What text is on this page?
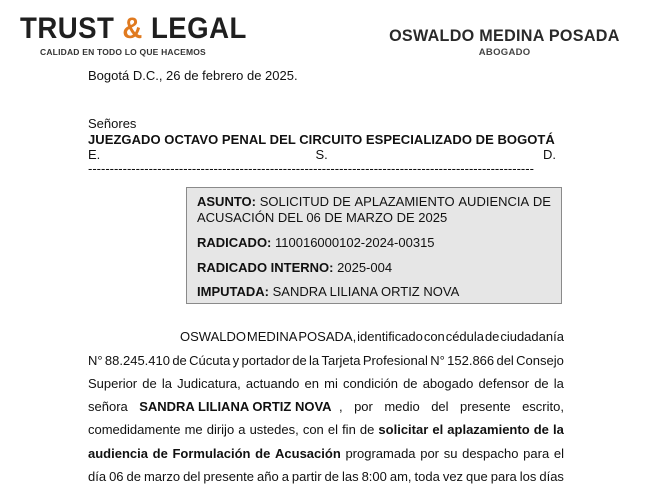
TRUST & LEGAL
CALIDAD EN TODO LO QUE HACEMOS
OSWALDO MEDINA POSADA
ABOGADO
Bogotá D.C., 26 de febrero de 2025.
Señores
JUEZGADO OCTAVO PENAL DEL CIRCUITO ESPECIALIZADO DE BOGOTÁ
E.	S.	D.
-------------------------------------------------------------------------------------------------------
ASUNTO: SOLICITUD DE APLAZAMIENTO AUDIENCIA DE
ACUSACIÓN DEL 06 DE MARZO DE 2025
RADICADO: 110016000102-2024-00315
RADICADO INTERNO: 2025-004
IMPUTADA: SANDRA LILIANA ORTIZ NOVA
OSWALDO MEDINA POSADA, identificado con cédula de ciudadanía
N° 88.245.410 de Cúcuta y portador de la Tarjeta Profesional N° 152.866 del Consejo
Superior de la Judicatura, actuando en mi condición de abogado defensor de la
señora SANDRA LILIANA ORTIZ NOVA , por medio del presente escrito,
comedidamente me dirijo a ustedes, con el fin de solicitar el aplazamiento de la
audiencia de Formulación de Acusación programada por su despacho para el
día 06 de marzo del presente año a partir de las 8:00 am, toda vez que para los días
